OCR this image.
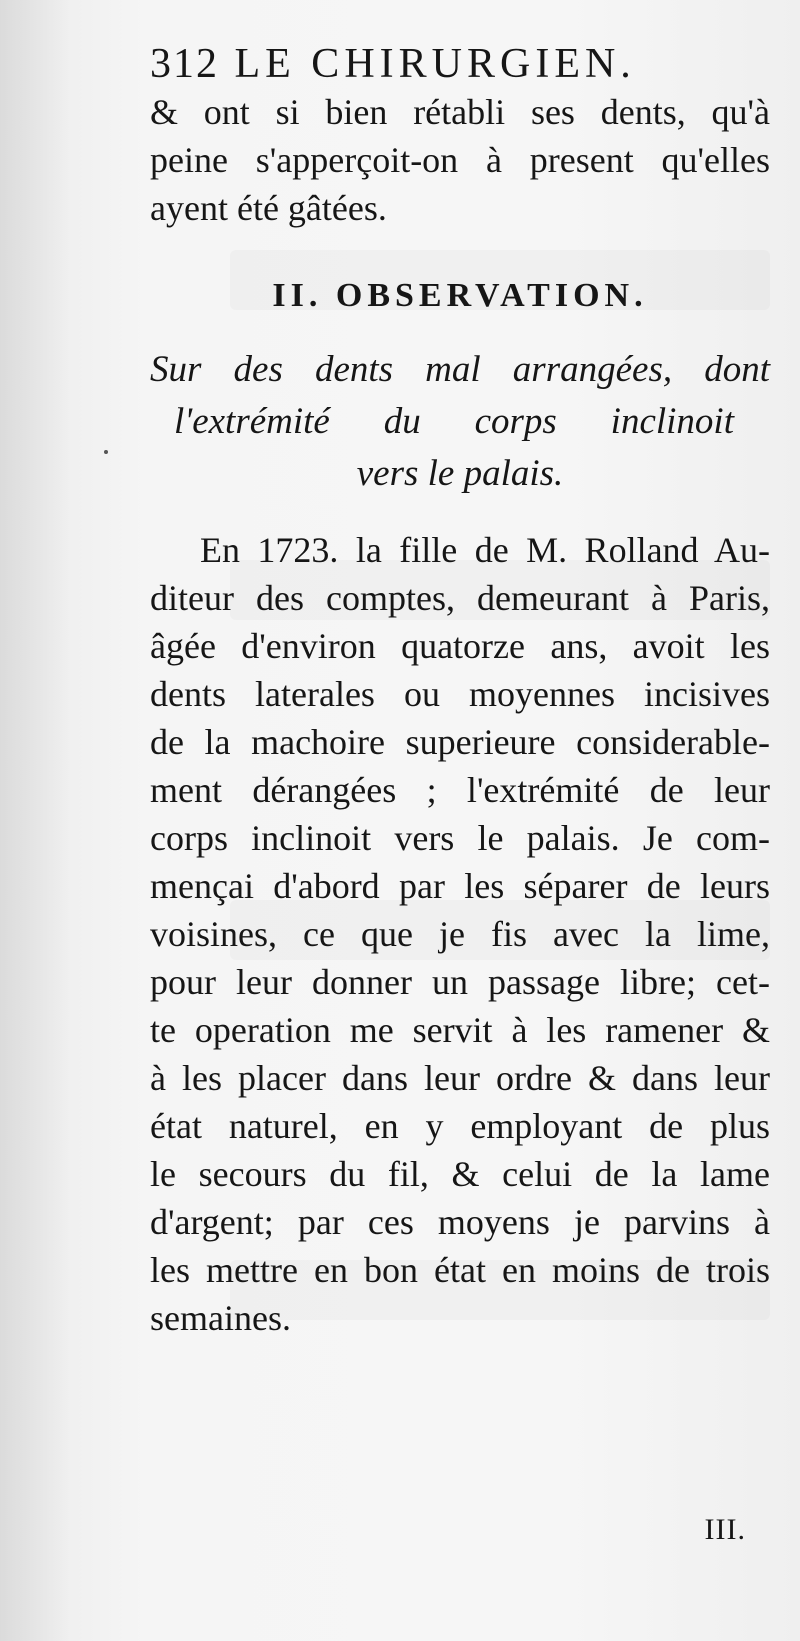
312 LE CHIRURGIEN.

& ont si bien rétabli ses dents, qu'à

peine s'apperçoit-on à present qu'elles

ayent été gâtées.

II. OBSERVATION.

Sur des dents mal arrangées, dont

l'extrémité du corps inclinoit

vers le palais.

En 1723. la fille de M. Rolland Au-

diteur des comptes, demeurant à Paris,

âgée d'environ quatorze ans, avoit les

dents laterales ou moyennes incisives

de la machoire superieure considerable-

ment dérangées ; l'extrémité de leur

corps inclinoit vers le palais. Je com-

mençai d'abord par les séparer de leurs

voisines, ce que je fis avec la lime,

pour leur donner un passage libre; cet-

te operation me servit à les ramener &

à les placer dans leur ordre & dans leur

état naturel, en y employant de plus

le secours du fil, & celui de la lame

d'argent; par ces moyens je parvins à

les mettre en bon état en moins de trois

semaines.

III.
